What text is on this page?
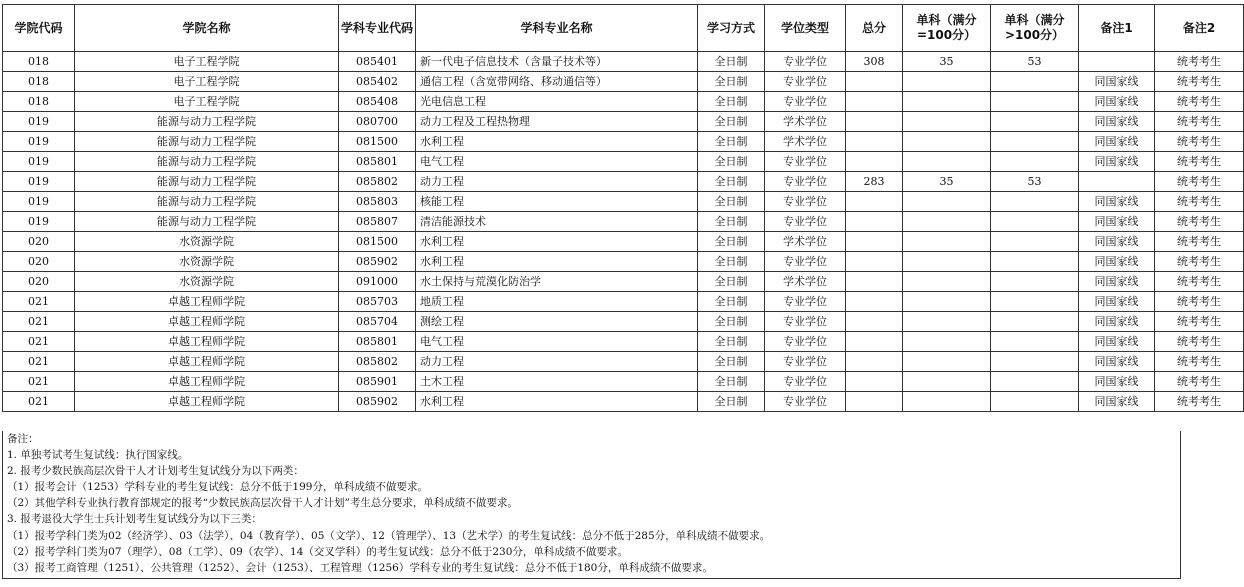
学院代码	学院名称	学科专业代码	学科专业名称	学习方式	学位类型	总分	单科（满分=100分）	单科（满分>100分）	备注1	备注2
018	电子工程学院	085401	新一代电子信息技术（含量子技术等）	全日制	专业学位	308	35	53		统考考生
018	电子工程学院	085402	通信工程（含宽带网络、移动通信等）	全日制	专业学位				同国家线	统考考生
018	电子工程学院	085408	光电信息工程	全日制	专业学位				同国家线	统考考生
019	能源与动力工程学院	080700	动力工程及工程热物理	全日制	学术学位				同国家线	统考考生
019	能源与动力工程学院	081500	水利工程	全日制	学术学位				同国家线	统考考生
019	能源与动力工程学院	085801	电气工程	全日制	专业学位				同国家线	统考考生
019	能源与动力工程学院	085802	动力工程	全日制	专业学位	283	35	53		统考考生
019	能源与动力工程学院	085803	核能工程	全日制	专业学位				同国家线	统考考生
019	能源与动力工程学院	085807	清洁能源技术	全日制	专业学位				同国家线	统考考生
020	水资源学院	081500	水利工程	全日制	学术学位				同国家线	统考考生
020	水资源学院	085902	水利工程	全日制	专业学位				同国家线	统考考生
020	水资源学院	091000	水土保持与荒漠化防治学	全日制	学术学位				同国家线	统考考生
021	卓越工程师学院	085703	地质工程	全日制	专业学位				同国家线	统考考生
021	卓越工程师学院	085704	测绘工程	全日制	专业学位				同国家线	统考考生
021	卓越工程师学院	085801	电气工程	全日制	专业学位				同国家线	统考考生
021	卓越工程师学院	085802	动力工程	全日制	专业学位				同国家线	统考考生
021	卓越工程师学院	085901	土木工程	全日制	专业学位				同国家线	统考考生
021	卓越工程师学院	085902	水利工程	全日制	专业学位				同国家线	统考考生
备注：
1. 单独考试考生复试线：执行国家线。
2. 报考少数民族高层次骨干人才计划考生复试线分为以下两类：
（1）报考会计（1253）学科专业的考生复试线：总分不低于199分，单科成绩不做要求。
（2）其他学科专业执行教育部规定的报考“少数民族高层次骨干人才计划”考生总分要求，单科成绩不做要求。
3. 报考退役大学生士兵计划考生复试线分为以下三类：
（1）报考学科门类为02（经济学）、03（法学）、04（教育学）、05（文学）、12（管理学）、13（艺术学）的考生复试线：总分不低于285分，单科成绩不做要求。
（2）报考学科门类为07（理学）、08（工学）、09（农学）、14（交叉学科）的考生复试线：总分不低于230分，单科成绩不做要求。
（3）报考工商管理（1251）、公共管理（1252）、会计（1253）、工程管理（1256）学科专业的考生复试线：总分不低于180分，单科成绩不做要求。
